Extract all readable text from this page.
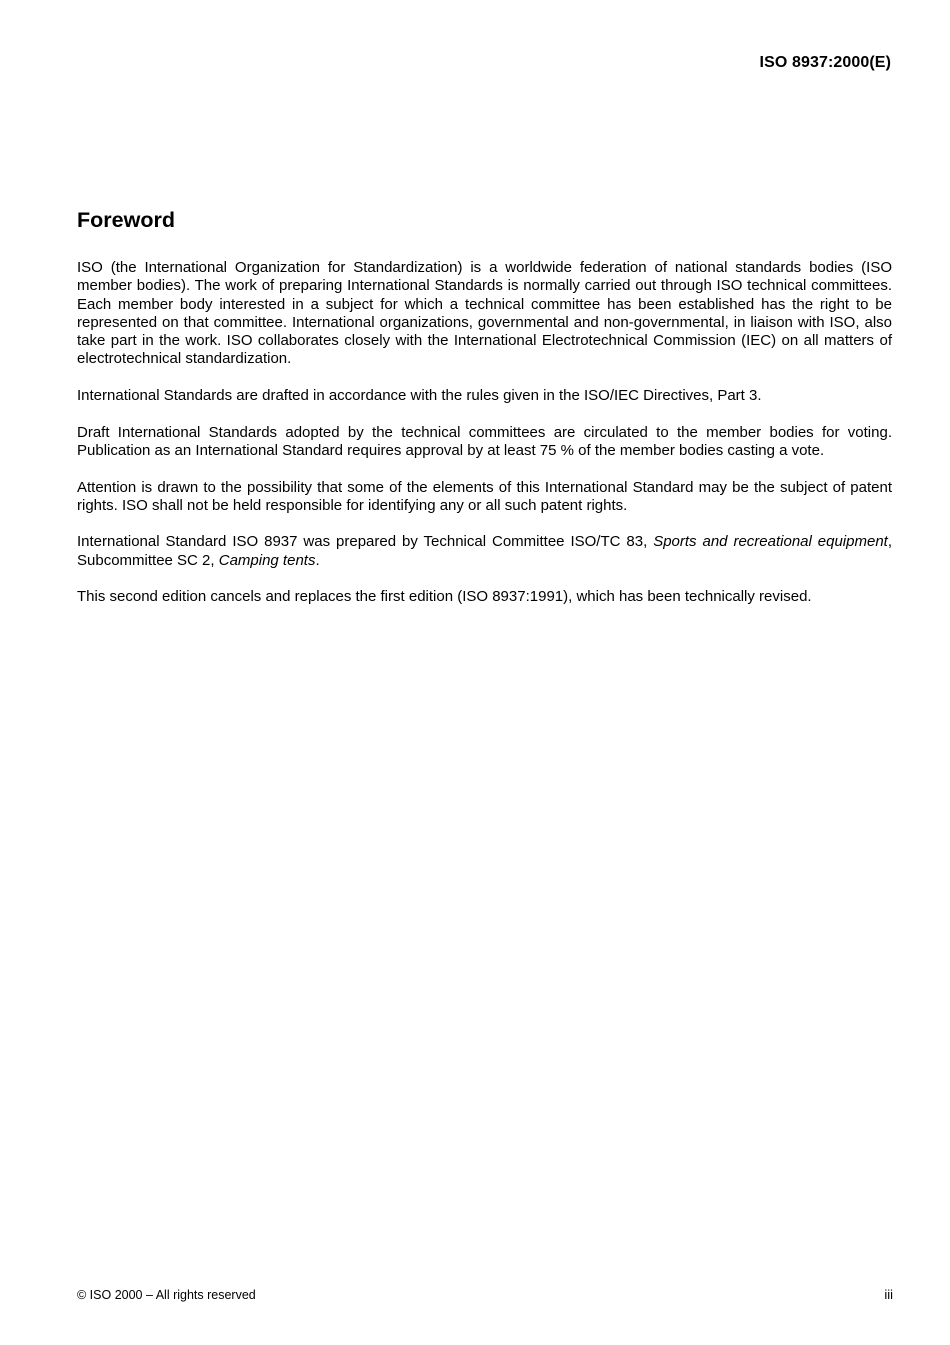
ISO 8937:2000(E)
Foreword

ISO (the International Organization for Standardization) is a worldwide federation of national standards bodies (ISO member bodies). The work of preparing International Standards is normally carried out through ISO technical committees. Each member body interested in a subject for which a technical committee has been established has the right to be represented on that committee. International organizations, governmental and non-governmental, in liaison with ISO, also take part in the work. ISO collaborates closely with the International Electrotechnical Commission (IEC) on all matters of electrotechnical standardization.

International Standards are drafted in accordance with the rules given in the ISO/IEC Directives, Part 3.

Draft International Standards adopted by the technical committees are circulated to the member bodies for voting. Publication as an International Standard requires approval by at least 75 % of the member bodies casting a vote.

Attention is drawn to the possibility that some of the elements of this International Standard may be the subject of patent rights. ISO shall not be held responsible for identifying any or all such patent rights.

International Standard ISO 8937 was prepared by Technical Committee ISO/TC 83, Sports and recreational equipment, Subcommittee SC 2, Camping tents.

This second edition cancels and replaces the first edition (ISO 8937:1991), which has been technically revised.

© ISO 2000 – All rights reserved	iii
